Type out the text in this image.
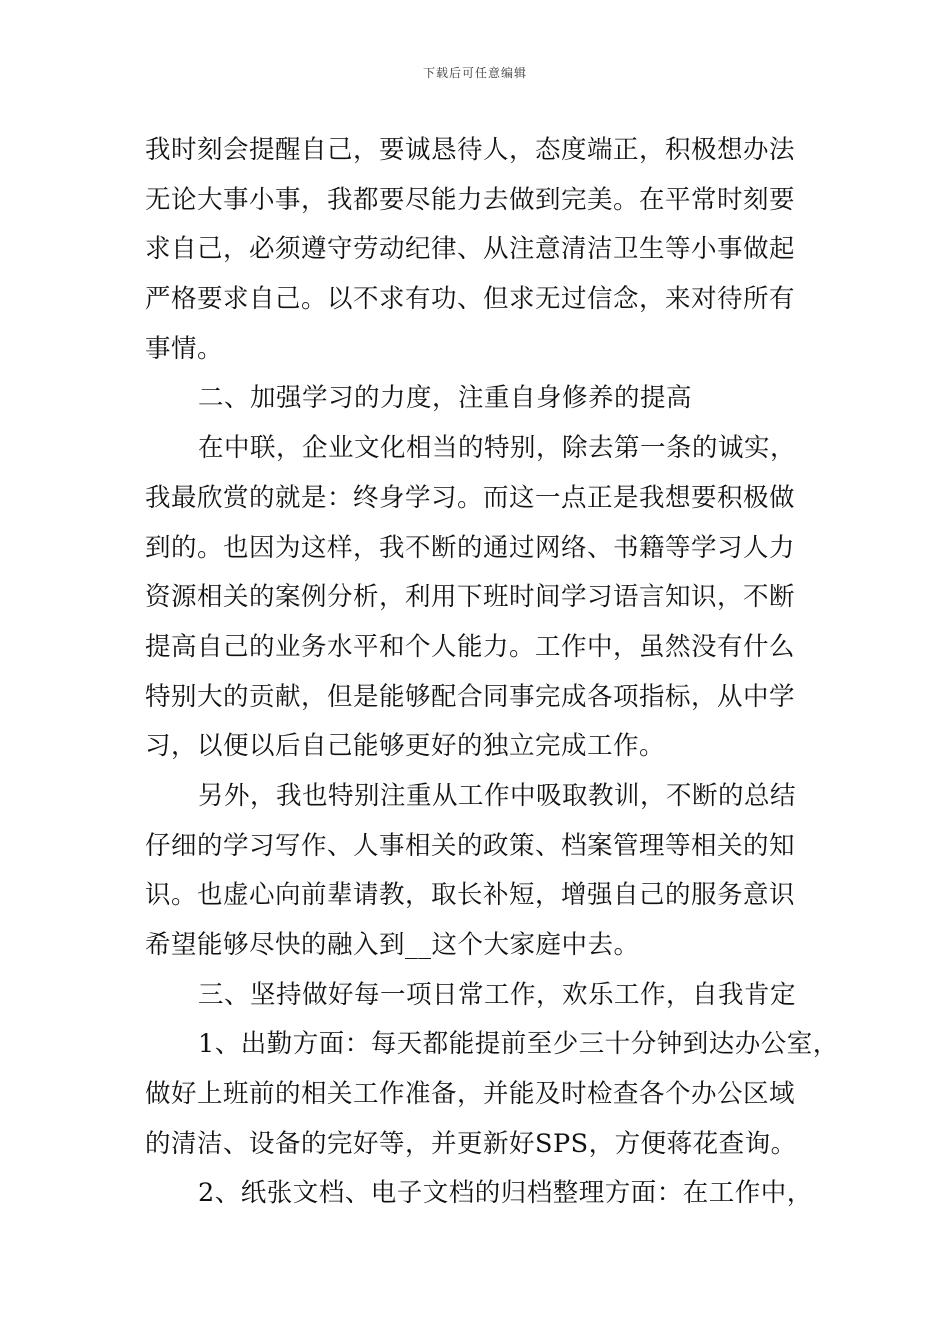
下载后可任意编辑
我时刻会提醒自己，要诚恳待人，态度端正，积极想办法
无论大事小事，我都要尽能力去做到完美。在平常时刻要
求自己，必须遵守劳动纪律、从注意清洁卫生等小事做起
严格要求自己。以不求有功、但求无过信念，来对待所有
事情。
二、加强学习的力度，注重自身修养的提高
在中联，企业文化相当的特别，除去第一条的诚实，
我最欣赏的就是：终身学习。而这一点正是我想要积极做
到的。也因为这样，我不断的通过网络、书籍等学习人力
资源相关的案例分析，利用下班时间学习语言知识，不断
提高自己的业务水平和个人能力。工作中，虽然没有什么
特别大的贡献，但是能够配合同事完成各项指标，从中学
习，以便以后自己能够更好的独立完成工作。
另外，我也特别注重从工作中吸取教训，不断的总结
仔细的学习写作、人事相关的政策、档案管理等相关的知
识。也虚心向前辈请教，取长补短，增强自己的服务意识
希望能够尽快的融入到__这个大家庭中去。
三、坚持做好每一项日常工作，欢乐工作，自我肯定
1、出勤方面：每天都能提前至少三十分钟到达办公室，
做好上班前的相关工作准备，并能及时检查各个办公区域
的清洁、设备的完好等，并更新好SPS，方便蒋花查询。
2、纸张文档、电子文档的归档整理方面：在工作中，
